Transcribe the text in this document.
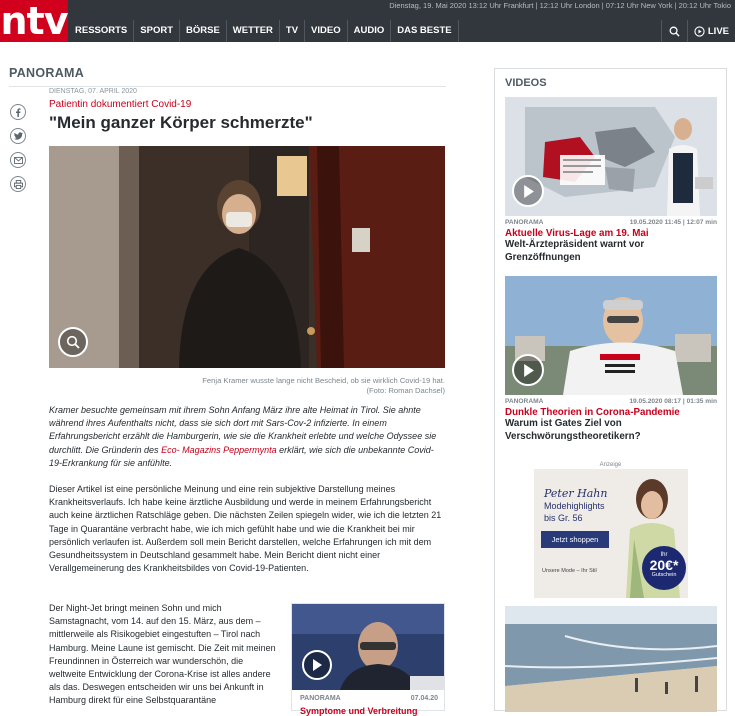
ntv	Dienstag, 19. Mai 2020 13:12 Uhr Frankfurt | 12:12 Uhr London | 07:12 Uhr New York | 20:12 Uhr Tokio
RESSORTS	SPORT	BÖRSE	WETTER	TV	VIDEO	AUDIO	DAS BESTE	LIVE
PANORAMA
DIENSTAG, 07. APRIL 2020
Patientin dokumentiert Covid-19
"Mein ganzer Körper schmerzte"
Fenja Kramer wusste lange nicht Bescheid, ob sie wirklich Covid-19 hat.
(Foto: Roman Dachsel)
Kramer besuchte gemeinsam mit ihrem Sohn Anfang März ihre alte Heimat in Tirol. Sie ahnte während ihres Aufenthalts nicht, dass sie sich dort mit Sars-Cov-2 infizierte. In einem Erfahrungsbericht erzählt die Hamburgerin, wie sie die Krankheit erlebte und welche Odyssee sie durchlitt. Die Gründerin des Eco- Magazins Peppermynta erklärt, wie sich die unbekannte Covid-19-Erkrankung für sie anfühlte.
Dieser Artikel ist eine persönliche Meinung und eine rein subjektive Darstellung meines Krankheitsverlaufs. Ich habe keine ärztliche Ausbildung und werde in meinem Erfahrungsbericht auch keine ärztlichen Ratschläge geben. Die nächsten Zeilen spiegeln wider, wie ich die letzten 21 Tage in Quarantäne verbracht habe, wie ich mich gefühlt habe und wie die Krankheit bei mir persönlich verlaufen ist. Außerdem soll mein Bericht darstellen, welche Erfahrungen ich mit dem Gesundheitssystem in Deutschland gesammelt habe. Mein Bericht dient nicht einer Verallgemeinerung des Krankheitsbildes von Covid-19-Patienten.
Der Night-Jet bringt meinen Sohn und mich Samstagnacht, vom 14. auf den 15. März, aus dem – mittlerweile als Risikogebiet eingestuften – Tirol nach Hamburg. Meine Laune ist gemischt. Die Zeit mit meinen Freundinnen in Österreich war wunderschön, die weltweite Entwicklung der Corona-Krise ist alles andere als das. Deswegen entscheiden wir uns bei Ankunft in Hamburg direkt für eine Selbstquarantäne	PANORAMA	07.04.20
Symptome und Verbreitung
VIDEOS
PANORAMA	19.05.2020 11:45 | 12:07 min
Aktuelle Virus-Lage am 19. Mai
Welt-Ärztepräsident warnt vor Grenzöffnungen
PANORAMA	19.05.2020 08:17 | 01:35 min
Dunkle Theorien in Corona-Pandemie
Warum ist Gates Ziel von Verschwörungstheoretikern?
Anzeige
Peter Hahn
Modehighlights
bis Gr. 56
Jetzt shoppen
Unsere Mode – Ihr Stil
Ihr
20€*
Gutschein
